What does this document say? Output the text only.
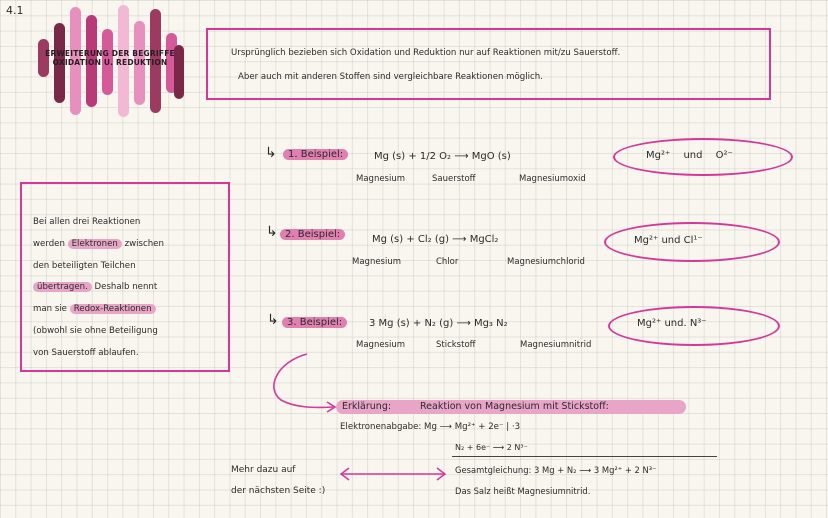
4.1
ERWEITERUNG DER BEGRIFFE
OXIDATION U. REDUKTION
Ursprünglich bezieben sich Oxidation und Reduktion nur auf Reaktionen mit/zu Sauerstoff.
Aber auch mit anderen Stoffen sind vergleichbare Reaktionen möglich.
Bei allen drei Reaktionen
werden Elektronen zwischen
den beteiligten Teilchen
übertragen. Deshalb nennt
man sie Redox-Reaktionen
(obwohl sie ohne Beteiligung
von Sauerstoff ablaufen.
↳	1. Beispiel:	Mg (s) + 1/2 O₂ ⟶ MgO (s)
Magnesium	Sauerstoff	Magnesiumoxid
Mg²⁺ und O²⁻
↳ 2. Beispiel:	Mg (s) + Cl₂ (g) ⟶ MgCl₂
Magnesium	Chlor	Magnesiumchlorid
Mg²⁺ und Cl¹⁻
↳ 3. Beispiel:	3 Mg (s) + N₂ (g) ⟶ Mg₃ N₂
Magnesium	Stickstoff	Magnesiumnitrid
Mg²⁺ und. N³⁻
Erklärung:	Reaktion von Magnesium mit Stickstoff:
Elektronenabgabe: Mg ⟶ Mg²⁺ + 2e⁻ | ·3
N₂ + 6e⁻ ⟶ 2 N³⁻
Gesamtgleichung: 3 Mg + N₂ ⟶ 3 Mg²⁺ + 2 N³⁻
Das Salz heißt Magnesiumnitrid.
Mehr dazu auf
der nächsten Seite :)
